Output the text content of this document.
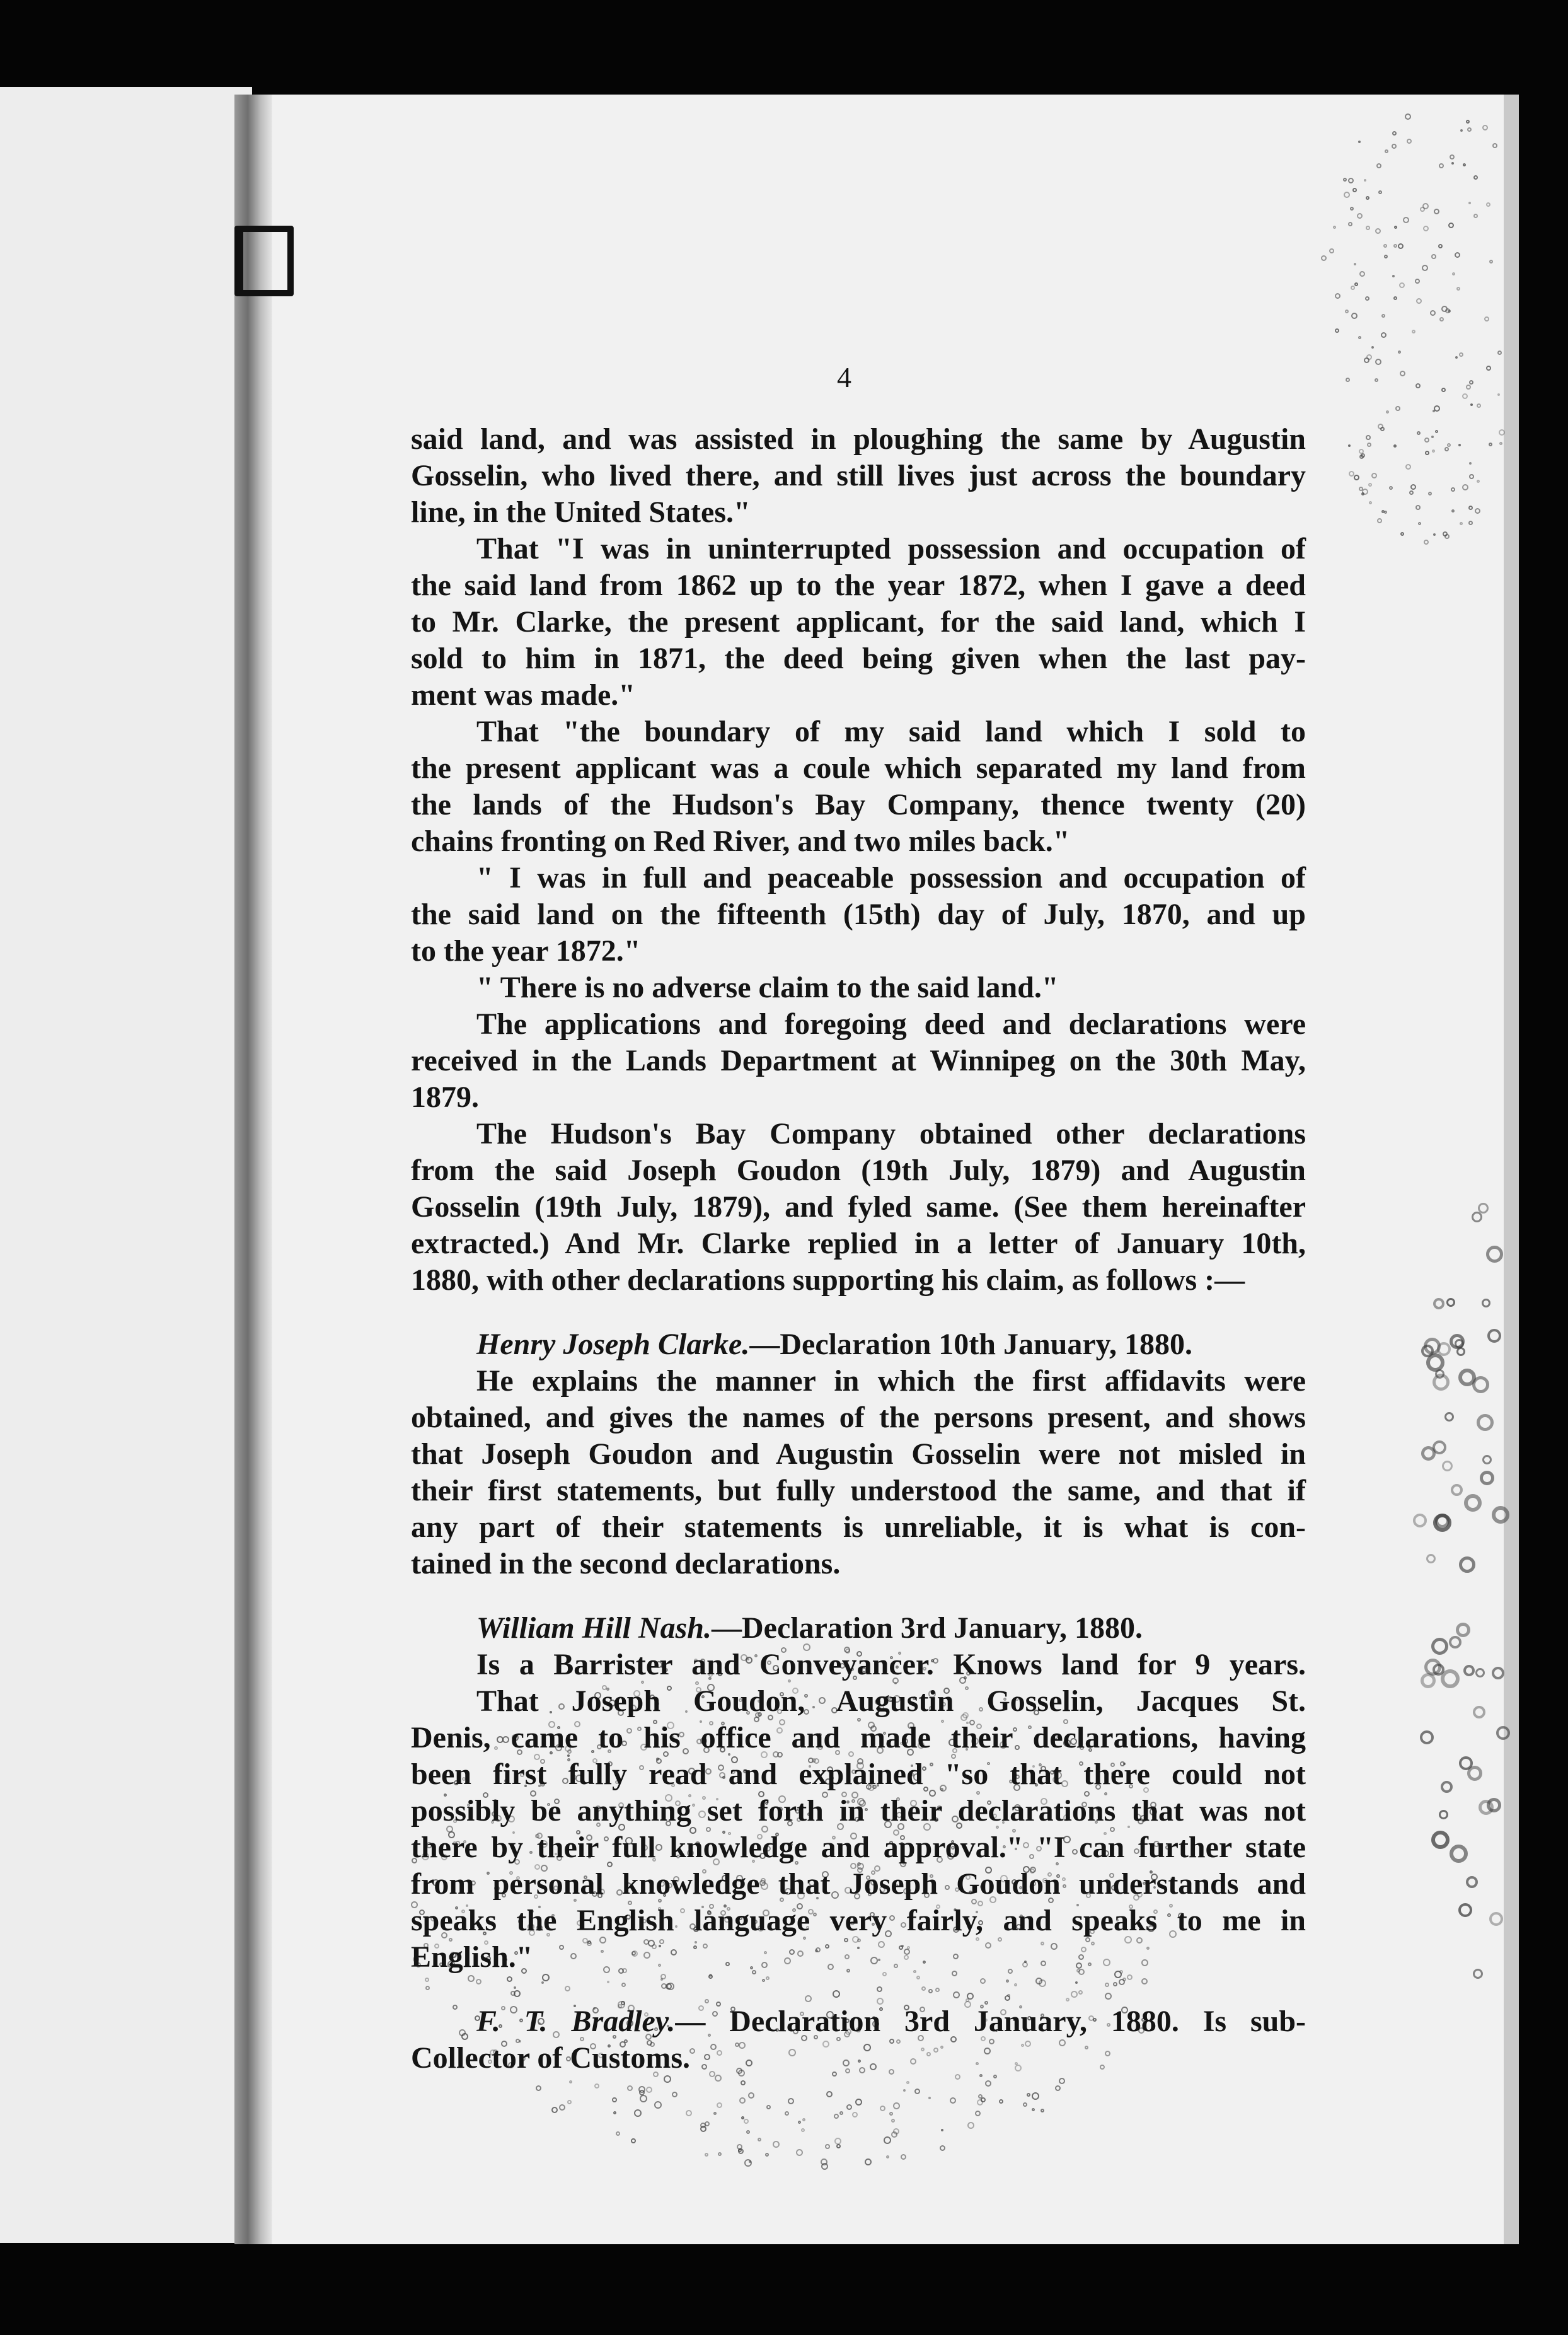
4
said land, and was assisted in ploughing the same by Augustin
Gosselin, who lived there, and still lives just across the boundary
line, in the United States."
That "I was in uninterrupted possession and occupation of
the said land from 1862 up to the year 1872, when I gave a deed
to Mr. Clarke, the present applicant, for the said land, which I
sold to him in 1871, the deed being given when the last pay-
ment was made."
That "the boundary of my said land which I sold to
the present applicant was a coule which separated my land from
the lands of the Hudson's Bay Company, thence twenty (20)
chains fronting on Red River, and two miles back."
" I was in full and peaceable possession and occupation of
the said land on the fifteenth (15th) day of July, 1870, and up
to the year 1872."
" There is no adverse claim to the said land."
The applications and foregoing deed and declarations were
received in the Lands Department at Winnipeg on the 30th May,
1879.
The Hudson's Bay Company obtained other declarations
from the said Joseph Goudon (19th July, 1879) and Augustin
Gosselin (19th July, 1879), and fyled same. (See them hereinafter
extracted.) And Mr. Clarke replied in a letter of January 10th,
1880, with other declarations supporting his claim, as follows :—
Henry Joseph Clarke.—Declaration 10th January, 1880.
He explains the manner in which the first affidavits were
obtained, and gives the names of the persons present, and shows
that Joseph Goudon and Augustin Gosselin were not misled in
their first statements, but fully understood the same, and that if
any part of their statements is unreliable, it is what is con-
tained in the second declarations.
William Hill Nash.—Declaration 3rd January, 1880.
Is a Barrister and Conveyancer. Knows land for 9 years.
That Joseph Goudon, Augustin Gosselin, Jacques St.
Denis, came to his office and made their declarations, having
been first fully read and explained "so that there could not
possibly be anything set forth in their declarations that was not
there by their full knowledge and approval." "I can further state
from personal knowledge that Joseph Goudon understands and
speaks the English language very fairly, and speaks to me in
English."
F. T. Bradley.— Declaration 3rd January, 1880. Is sub-
Collector of Customs.
